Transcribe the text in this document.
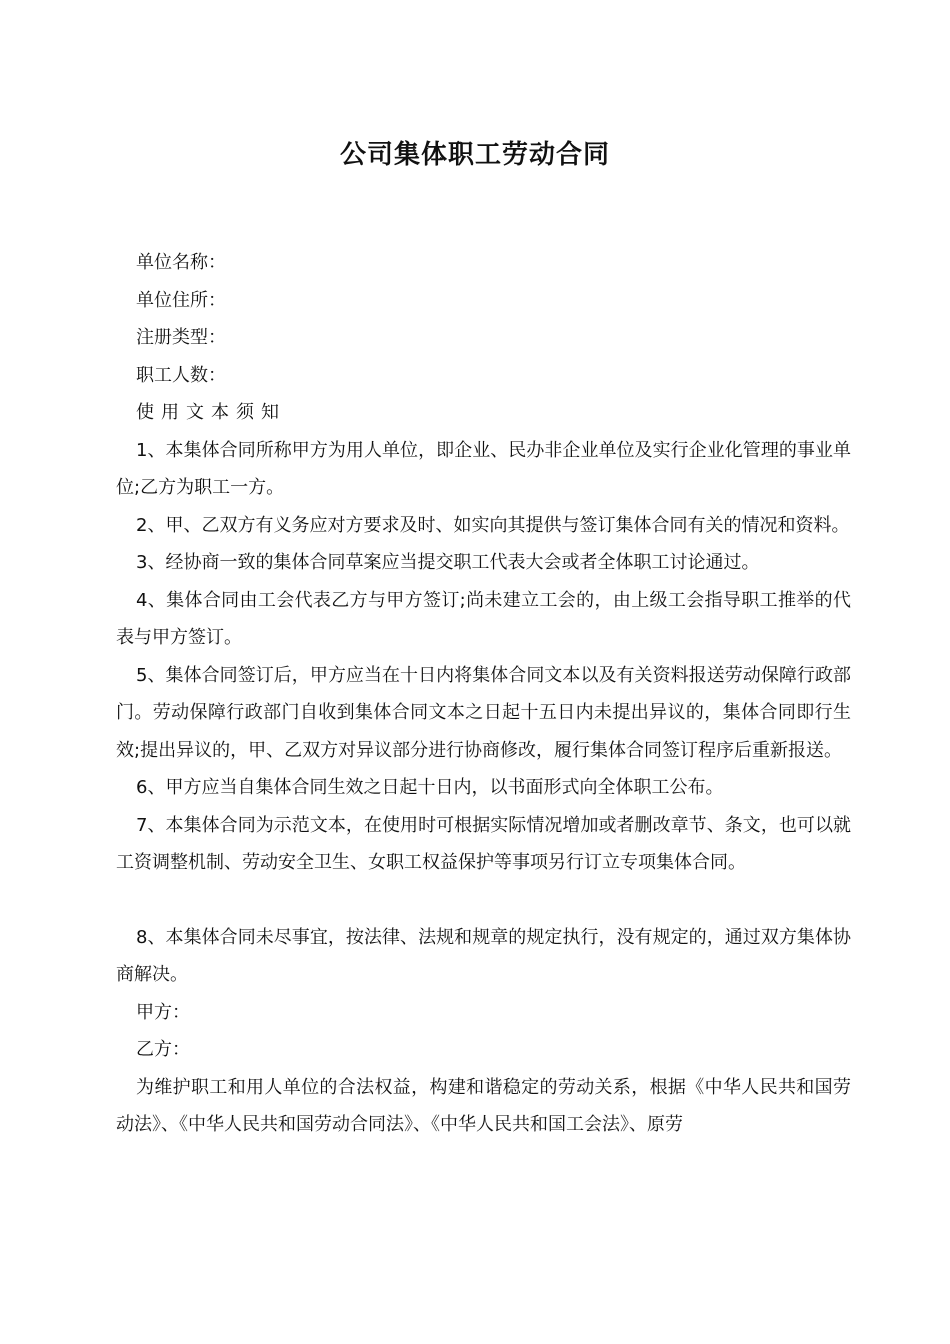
公司集体职工劳动合同

单位名称：

单位住所：

注册类型：

职工人数：

使用文本须知

1、本集体合同所称甲方为用人单位，即企业、民办非企业单位及实行企业化管理的事业单位;乙方为职工一方。

2、甲、乙双方有义务应对方要求及时、如实向其提供与签订集体合同有关的情况和资料。

3、经协商一致的集体合同草案应当提交职工代表大会或者全体职工讨论通过。

4、集体合同由工会代表乙方与甲方签订;尚未建立工会的，由上级工会指导职工推举的代表与甲方签订。

5、集体合同签订后，甲方应当在十日内将集体合同文本以及有关资料报送劳动保障行政部门。劳动保障行政部门自收到集体合同文本之日起十五日内未提出异议的，集体合同即行生效;提出异议的，甲、乙双方对异议部分进行协商修改，履行集体合同签订程序后重新报送。

6、甲方应当自集体合同生效之日起十日内，以书面形式向全体职工公布。

7、本集体合同为示范文本，在使用时可根据实际情况增加或者删改章节、条文，也可以就工资调整机制、劳动安全卫生、女职工权益保护等事项另行订立专项集体合同。

8、本集体合同未尽事宜，按法律、法规和规章的规定执行，没有规定的，通过双方集体协商解决。

甲方：

乙方：

为维护职工和用人单位的合法权益，构建和谐稳定的劳动关系，根据《中华人民共和国劳动法》、《中华人民共和国劳动合同法》、《中华人民共和国工会法》、原劳
